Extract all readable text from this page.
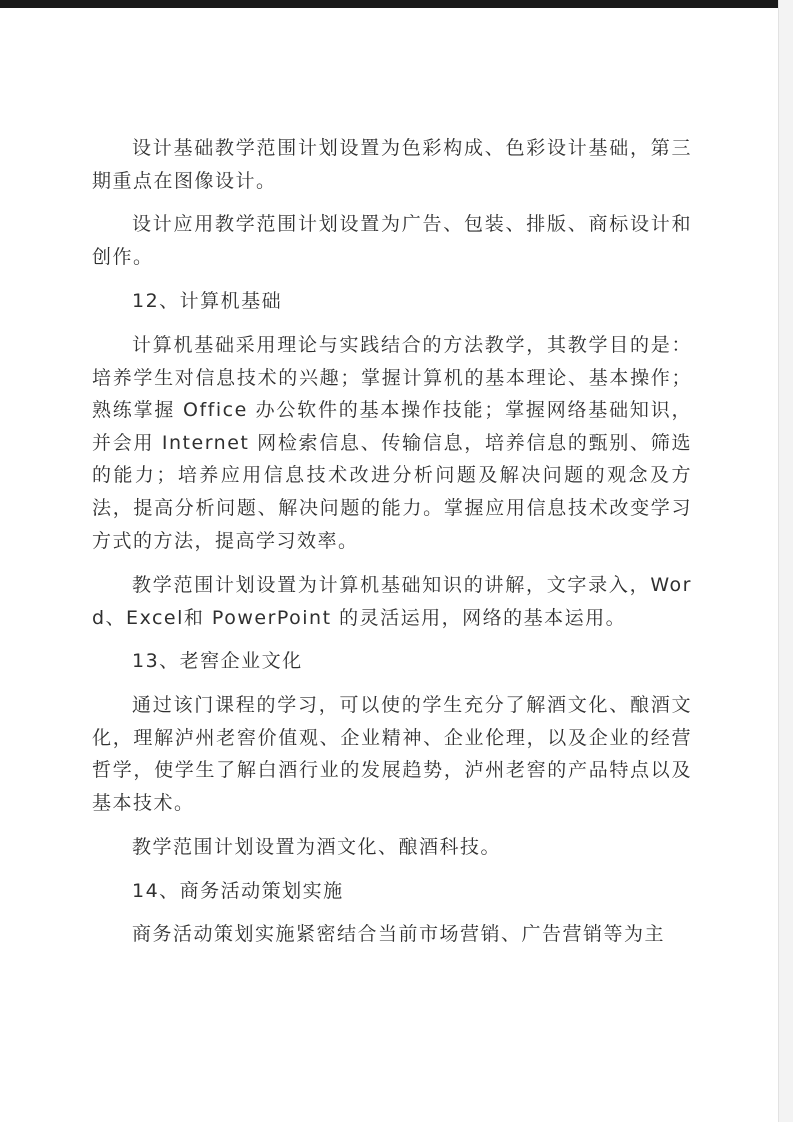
设计基础教学范围计划设置为色彩构成、色彩设计基础，第三期重点在图像设计。

设计应用教学范围计划设置为广告、包装、排版、商标设计和创作。

12、计算机基础

计算机基础采用理论与实践结合的方法教学，其教学目的是：培养学生对信息技术的兴趣；掌握计算机的基本理论、基本操作；熟练掌握 Office 办公软件的基本操作技能；掌握网络基础知识，并会用 Internet 网检索信息、传输信息，培养信息的甄别、筛选的能力；培养应用信息技术改进分析问题及解决问题的观念及方法，提高分析问题、解决问题的能力。掌握应用信息技术改变学习方式的方法，提高学习效率。

教学范围计划设置为计算机基础知识的讲解，文字录入，Word、Excel和 PowerPoint 的灵活运用，网络的基本运用。

13、老窖企业文化

通过该门课程的学习，可以使的学生充分了解酒文化、酿酒文化，理解泸州老窖价值观、企业精神、企业伦理，以及企业的经营哲学，使学生了解白酒行业的发展趋势，泸州老窖的产品特点以及基本技术。

教学范围计划设置为酒文化、酿酒科技。

14、商务活动策划实施

商务活动策划实施紧密结合当前市场营销、广告营销等为主
